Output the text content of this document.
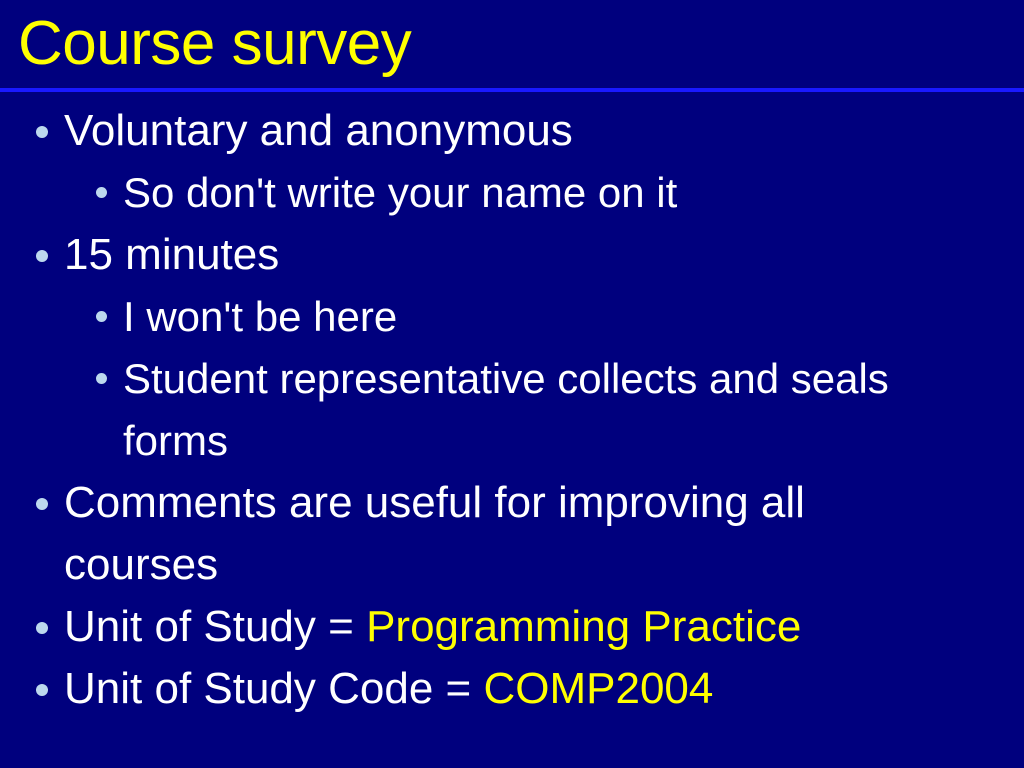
Course survey
Voluntary and anonymous
So don't write your name on it
15 minutes
I won't be here
Student representative collects and seals forms
Comments are useful for improving all courses
Unit of Study = Programming Practice
Unit of Study Code = COMP2004
